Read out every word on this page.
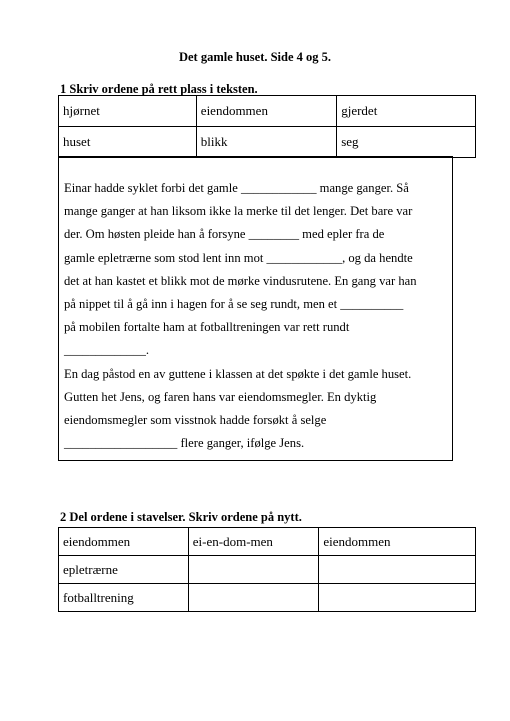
Det gamle huset. Side 4 og 5.
1 Skriv ordene på rett plass i teksten.
hjørnet	eiendommen	gjerdet
huset	blikk	seg
Einar hadde syklet forbi det gamle ____________ mange ganger. Så
mange ganger at han liksom ikke la merke til det lenger. Det bare var
der. Om høsten pleide han å forsyne ________ med epler fra de
gamle epletrærne som stod lent inn mot ____________, og da hendte
det at han kastet et blikk mot de mørke vindusrutene. En gang var han
på nippet til å gå inn i hagen for å se seg rundt, men et __________
på mobilen fortalte ham at fotballtreningen var rett rundt
_____________.
En dag påstod en av guttene i klassen at det spøkte i det gamle huset.
Gutten het Jens, og faren hans var eiendomsmegler. En dyktig
eiendomsmegler som visstnok hadde forsøkt å selge
__________________ flere ganger, ifølge Jens.
2 Del ordene i stavelser. Skriv ordene på nytt.
eiendommen	ei-en-dom-men	eiendommen
epletrærne		
fotballtrening		
